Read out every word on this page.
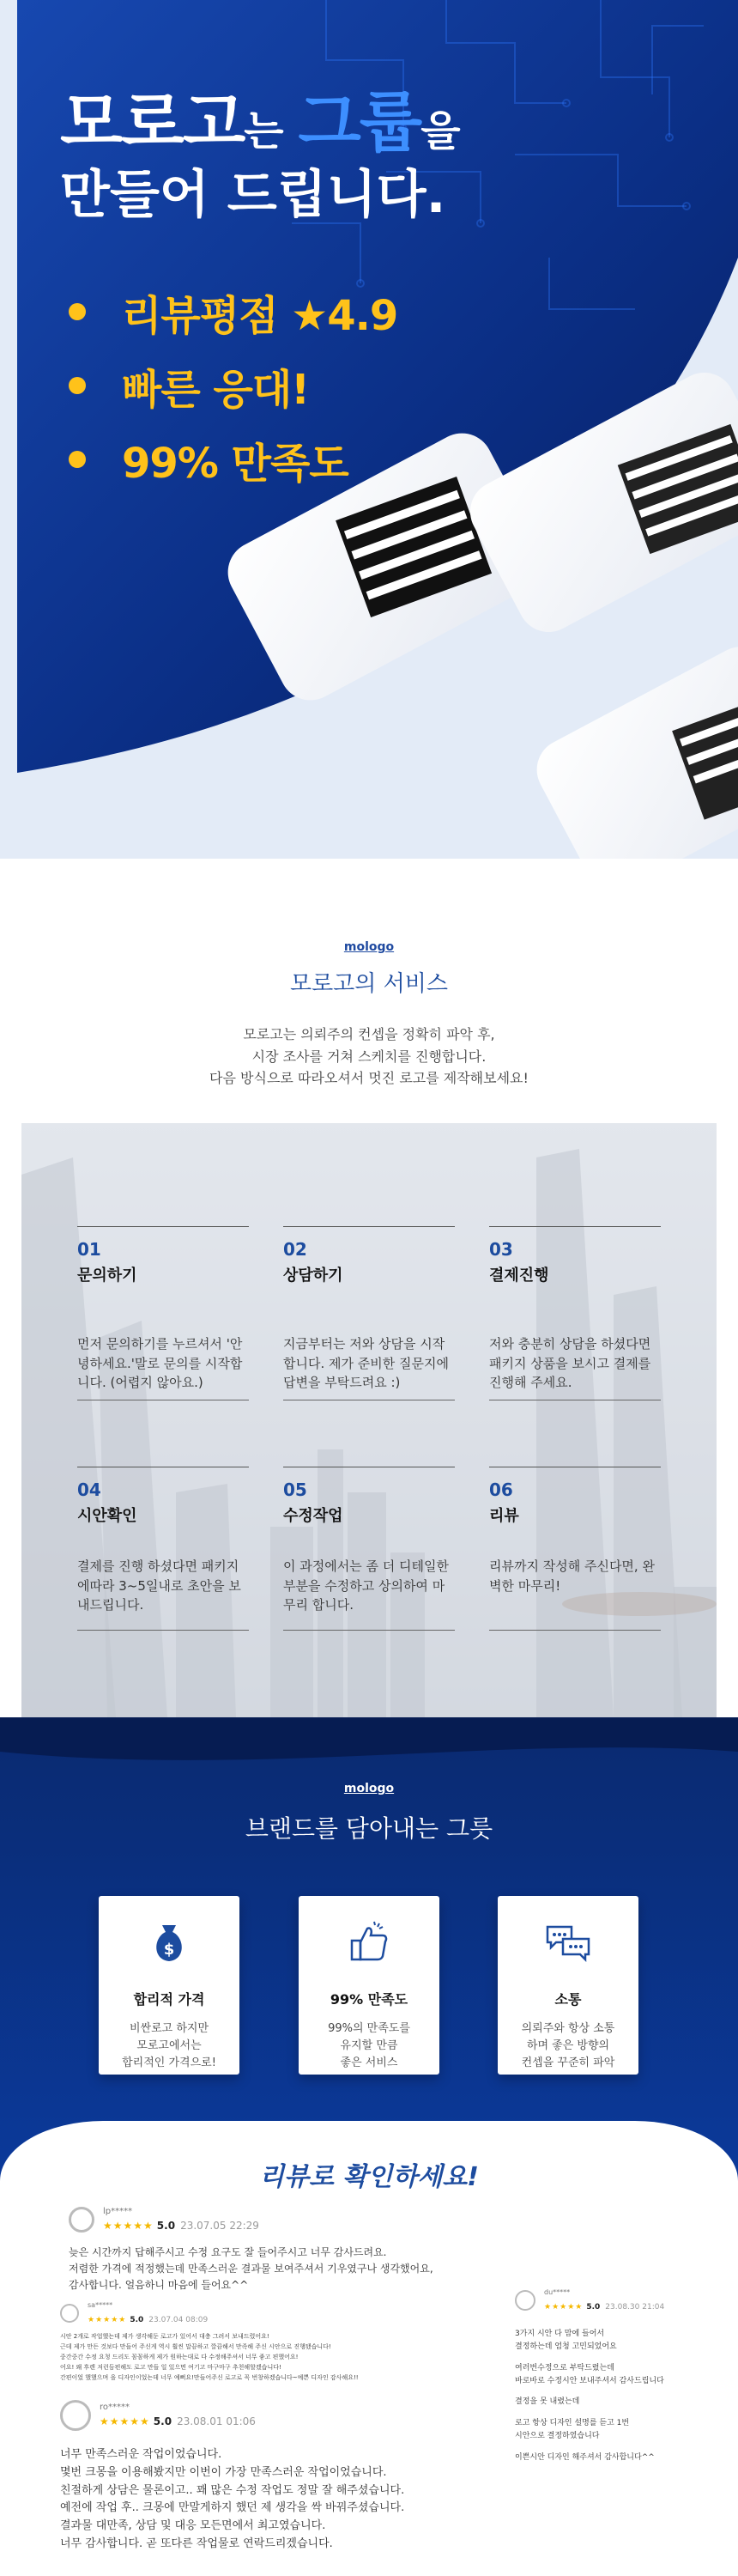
모로고는 그룹을
만들어 드립니다.
리뷰평점 ★4.9
빠른 응대!
99% 만족도
mologo
모로고의 서비스

모로고는 의뢰주의 컨셉을 정확히 파악 후,

시장 조사를 거쳐 스케치를 진행합니다.

다음 방식으로 따라오셔서 멋진 로고를 제작해보세요!

01
문의하기
먼저 문의하기를 누르셔서 '안녕하세요.'말로 문의를 시작합니다. (어렵지 않아요.)
02
상담하기
지금부터는 저와 상담을 시작합니다. 제가 준비한 질문지에 답변을 부탁드려요 :)
03
결제진행
저와 충분히 상담을 하셨다면 패키지 상품을 보시고 결제를 진행해 주세요.
04
시안확인
결제를 진행 하셨다면 패키지에따라 3~5일내로 초안을 보내드립니다.
05
수정작업
이 과정에서는 좀 더 디테일한 부분을 수정하고 상의하여 마무리 합니다.
06
리뷰
리뷰까지 작성해 주신다면, 완벽한 마무리!
mologo
브랜드를 담아내는 그릇
$
합리적 가격
비싼로고 하지만
모로고에서는
합리적인 가격으로!
99% 만족도
99%의 만족도를
유지할 만큼
좋은 서비스
소통
의뢰주와 항상 소통
하며 좋은 방향의
컨셉을 꾸준히 파악
리뷰로 확인하세요!
lp*****
★★★★★ 5.0 23.07.05 22:29

늦은 시간까지 답해주시고 수정 요구도 잘 들어주시고 너무 감사드려요.

저렴한 가격에 적정했는데 만족스러운 결과물 보여주셔서 기우였구나 생각했어요,

감사합니다. 얼음하니 마음에 들어요^^

sa*****
★★★★★ 5.0 23.07.04 08:09

시안 2개로 작업했는데 제가 생각해둔 로고가 있어서 대충 그려서 보내드렸어요!

근데 제가 만든 것보다 만들어 주신게 역시 훨씬 말끔하고 깔끔해서 만족해 주신 시안으로 진행됐습니다!

중간중간 수정 요청 드리도 꼼꼼하게 제가 원하는대로 다 수정해주셔서 너무 좋고 편했어요!

어요! 왜 후렌 저런듬편해도 로고 만들 일 있으면 여기고 마구마구 추천해할겠습니다!

간편이었 했했으며 을 디자인이었는데 너무 예뻐요!만들어주신 로고로 꼭 번창하겠습니다~예쁜 디자인 감사해요!!

ro*****
★★★★★ 5.0 23.08.01 01:06

너무 만족스러운 작업이었습니다.

몇번 크몽을 이용해봤지만 이번이 가장 만족스러운 작업이었습니다.

친절하게 상담은 물론이고.. 꽤 많은 수정 작업도 정말 잘 해주셨습니다.

예전에 작업 후.. 크몽에 만말게하지 했던 제 생각을 싹 바꿔주셨습니다.

결과물 대만족, 상담 및 대응 모든면에서 최고였습니다.

너무 감사합니다. 곧 또다른 작업물로 연락드리겠습니다.

du*****
★★★★★ 5.0 23.08.30 21:04

3가지 시안 다 맘에 들어서

결정하는데 엄청 고민되었어요

여러번수정으로 부탁드렸는데

바로바로 수정시안 보내주셔서 감사드립니다

결정을 못 내렸는데

로고 항상 디자인 설명를 듣고 1번

시안으로 결정하였습니다

이쁜시안 디자인 해주셔서 감사합니다^^
